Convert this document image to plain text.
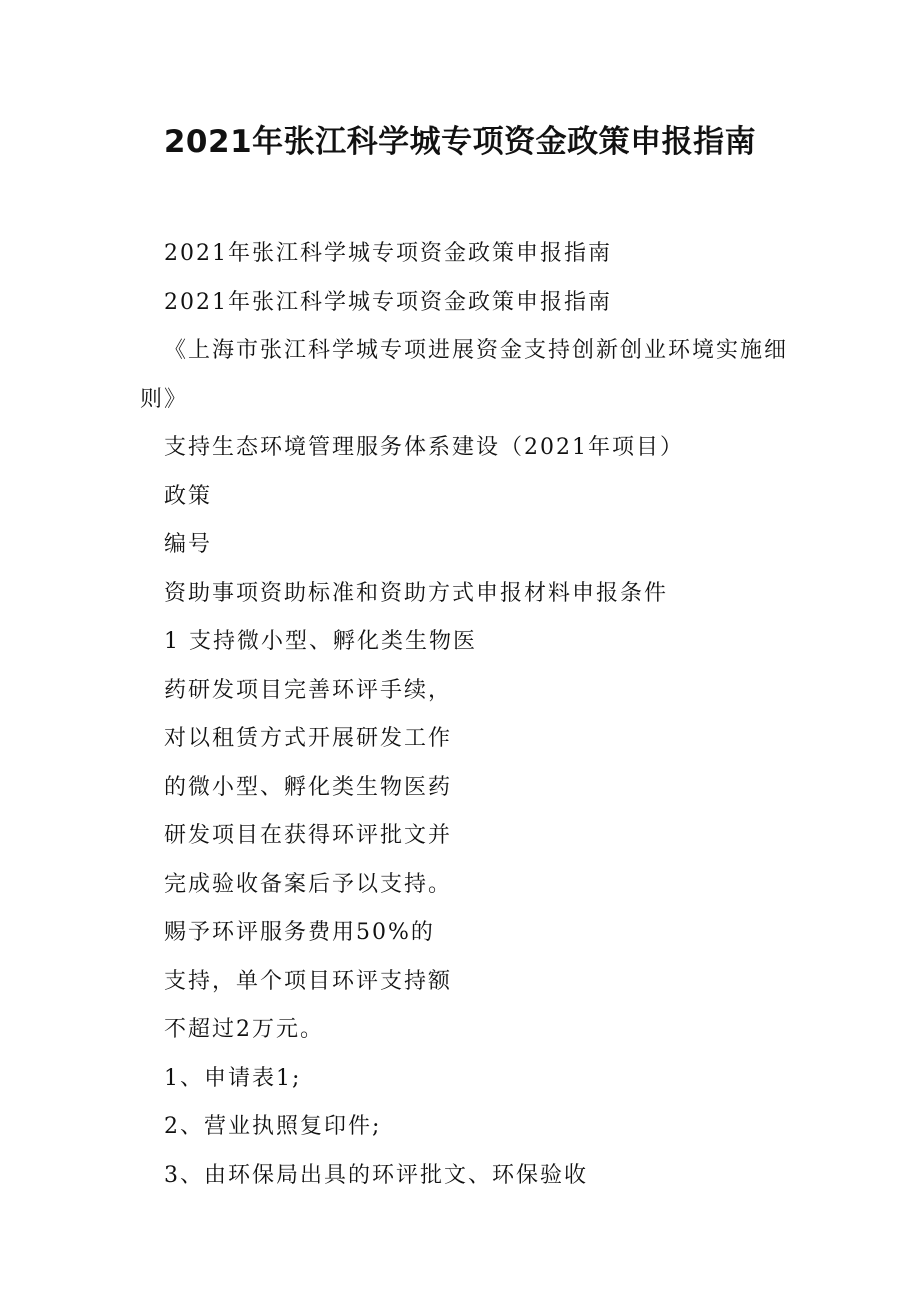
2021年张江科学城专项资金政策申报指南

2021年张江科学城专项资金政策申报指南

2021年张江科学城专项资金政策申报指南

《上海市张江科学城专项进展资金支持创新创业环境实施细则》

支持生态环境管理服务体系建设（2021年项目）

政策

编号

资助事项资助标准和资助方式申报材料申报条件

1 支持微小型、孵化类生物医

药研发项目完善环评手续，

对以租赁方式开展研发工作

的微小型、孵化类生物医药

研发项目在获得环评批文并

完成验收备案后予以支持。

赐予环评服务费用50%的

支持，单个项目环评支持额

不超过2万元。

1、申请表1;

2、营业执照复印件;

3、由环保局出具的环评批文、环保验收
